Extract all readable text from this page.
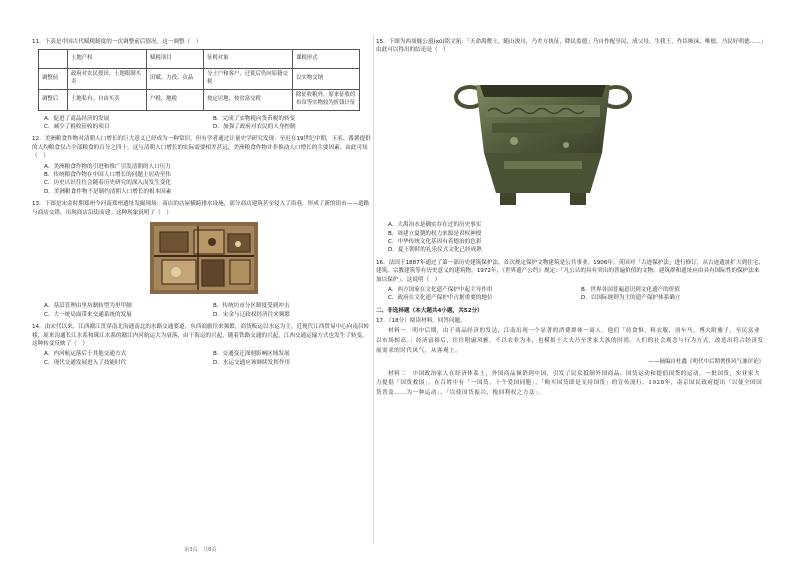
11．下表是中国古代赋税制度的一次调整前后情况。这一调整（　）
	土地产权	赋税项目	征税对象	课税形式
调整前	政府对农民授田，土地限制买卖	田赋、力役、贡品	分土户和客户，迁徙后仍向原籍交税	以实物交纳
调整后	土地私有，自由买卖	户税、地税	按定居地，按贫富交税	除征收粮外，原来征收的布帛等实物较为折钱计征
A．促进了商品经济的发展	B．完成了实物税向货币税的转变
C．减少了税收征收的项目	D．加强了政府对农民的人身控制
12．美洲粮食作物对清朝人口增长的巨大意义已经成为一种常识。但有学者通过计量史学研究发现：至迟在19世纪中期，玉米、番薯提供的人均粮食仅占全部粮食的百分之四十，这与清朝人口增长的实际需要相差甚远，美洲粮食作物并非推动人口增长的主要因素。由此可知（　）
A．美洲粮食作物的引进和推广引发清朝的人口压力
B．传统粮食作物在中国人口增长的问题上居功至伟
C．历史认识往往会随着历史研究的深入而发生变化
D．美洲粮食作物不是制约清朝人口增长的根本因素
13．下图是宋金时期郑州今河南郑州遗址发掘现场：商店的店屋横跨排水设施，部分商店建筑甚至侵入了街巷，形成了新的街市——道路与商店交错，出现商店沿街而建。这种现象说明了（　）
A．基层管理由里坊制转型为里甲制	B．传统坊市分区制度受到冲击
C．大一统局面带来交通系统的发展	D．宋金与辽政权经济往来频繁
14．由宋代以来，江西赣江贯穿南北沟通南北的水路交通要道，东西商旅往来频繁，商货贩运以水运为主，近现代江西贸易中心向南昌转移，原来沟通长江水系和珠江水系的赣江内河航运大为衰落，由于海运的兴起，随着铁路交通的兴起，江西交通运输方式也发生了转变，这种转变反映了（　）
A．内河航运落后于其他交通方式	B．交通变迁深刻影响区域发展
C．现代交通发展进入了技能时代	D．水运交通应该继续发挥作用
第3页　共8页
15．下图为西周燧公盨(xǔ)铭文拓：「天命禹敷土，随山浚川，乃差方执征，降民监德」乃自作配享民，成父母。生我王，作臣厥沬，唯德，乃民好明德……」由此可以得出的结论是（　）
A．大禹治水是确实存在过的历史事实
B．周建立夏朝的权力来源是君权神授
C．中华传统文化基因有着德治的色彩
D．夏王朝时的礼乐仪式文化已经成熟
16．法国于1887年通过了第一部历史建筑保护法，首次规定保护文物建筑是公共事业。1906年，英国对「古迹保护法」进行修订，从古迹遗址扩大到住宅、建筑、宗教建筑等有历史意义的建筑物。1972年，《世界遗产公约》规定：「凡公认的具有突出的普遍价值的文物、建筑群和遗址应由具有国际性的保护法来加以保护」。这说明（　）
A．西方国家在文化遗产保护中起主导作用	B．世界各国普遍意识到文化遗产的价值
C．政府在文化遗产保护中占据重要的地位	D．以国际规则为主的遗产保护体系确立
二、非选择题（本大题共4小题，共52分）
17．（18分）阅读材料，回答问题。
材料一　明中后期，由于商品经济的发达，江南出现一个显著的消费群体一商人。他们「持食惧，料衣服，羽车马，博夫附雅子，至民富业以市场相高。」经济富裕后，往往附庸风雅，不以农业为本，也模拟士大夫乃至世家大族的时尚。人们的社会观念与行为方式，改造出符合经济发展需求的时代风气，从客观上。
——摘编自杜鑫《明代中后期奢侈风气兼评论》
材料二　中国政治家人在经济体系上，外国商品倾销到中国，引发了民众抵制外国商品、国货运动和提倡国货的运动。一批国货，实业家大力提倡「国货救国」，在百姓中有「一国货，十个爱国同胞」，「购买国货即是支持国货」的宣传流行。1928年，南京国民政府提出「以使全国国货普及……为一种运动」、「以使国货振兴，挽回利权之方法」。
